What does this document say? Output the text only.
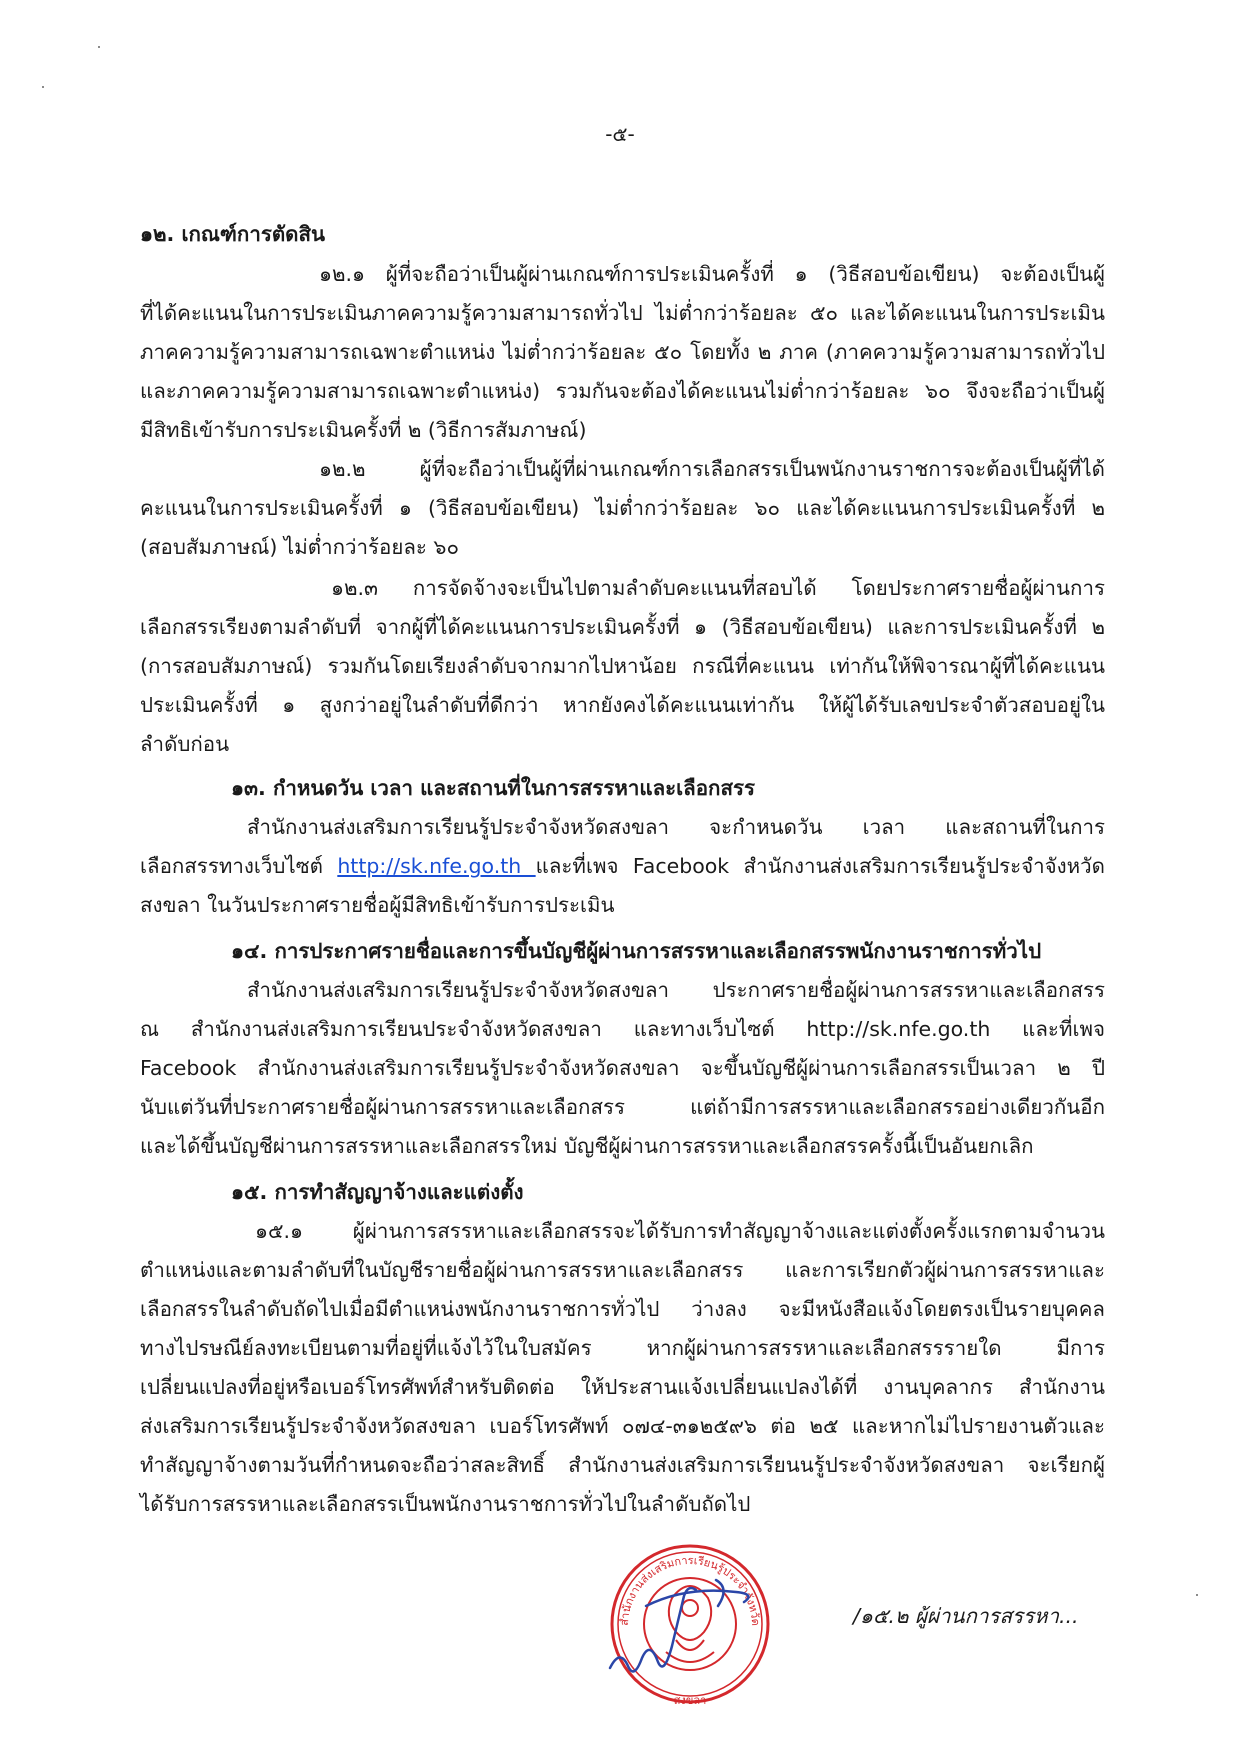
-๕-
๑๒. เกณฑ์การตัดสิน
๑๒.๑ ผู้ที่จะถือว่าเป็นผู้ผ่านเกณฑ์การประเมินครั้งที่ ๑ (วิธีสอบข้อเขียน) จะต้องเป็นผู้
ที่ได้คะแนนในการประเมินภาคความรู้ความสามารถทั่วไป ไม่ต่ำกว่าร้อยละ ๕๐ และได้คะแนนในการประเมิน
ภาคความรู้ความสามารถเฉพาะตำแหน่ง ไม่ต่ำกว่าร้อยละ ๕๐ โดยทั้ง ๒ ภาค (ภาคความรู้ความสามารถทั่วไป
และภาคความรู้ความสามารถเฉพาะตำแหน่ง) รวมกันจะต้องได้คะแนนไม่ต่ำกว่าร้อยละ ๖๐ จึงจะถือว่าเป็นผู้
มีสิทธิเข้ารับการประเมินครั้งที่ ๒ (วิธีการสัมภาษณ์)
๑๒.๒ ผู้ที่จะถือว่าเป็นผู้ที่ผ่านเกณฑ์การเลือกสรรเป็นพนักงานราชการจะต้องเป็นผู้ที่ได้
คะแนนในการประเมินครั้งที่ ๑ (วิธีสอบข้อเขียน) ไม่ต่ำกว่าร้อยละ ๖๐ และได้คะแนนการประเมินครั้งที่ ๒
(สอบสัมภาษณ์) ไม่ต่ำกว่าร้อยละ ๖๐
๑๒.๓ การจัดจ้างจะเป็นไปตามลำดับคะแนนที่สอบได้ โดยประกาศรายชื่อผู้ผ่านการ
เลือกสรรเรียงตามลำดับที่ จากผู้ที่ได้คะแนนการประเมินครั้งที่ ๑ (วิธีสอบข้อเขียน) และการประเมินครั้งที่ ๒
(การสอบสัมภาษณ์) รวมกันโดยเรียงลำดับจากมากไปหาน้อย กรณีที่คะแนน เท่ากันให้พิจารณาผู้ที่ได้คะแนน
ประเมินครั้งที่ ๑ สูงกว่าอยู่ในลำดับที่ดีกว่า หากยังคงได้คะแนนเท่ากัน ให้ผู้ได้รับเลขประจำตัวสอบอยู่ใน
ลำดับก่อน
๑๓. กำหนดวัน เวลา และสถานที่ในการสรรหาและเลือกสรร
สำนักงานส่งเสริมการเรียนรู้ประจำจังหวัดสงขลา จะกำหนดวัน เวลา และสถานที่ในการ
เลือกสรรทางเว็บไซต์ http://sk.nfe.go.th และที่เพจ Facebook สำนักงานส่งเสริมการเรียนรู้ประจำจังหวัด
สงขลา ในวันประกาศรายชื่อผู้มีสิทธิเข้ารับการประเมิน
๑๔. การประกาศรายชื่อและการขึ้นบัญชีผู้ผ่านการสรรหาและเลือกสรรพนักงานราชการทั่วไป
สำนักงานส่งเสริมการเรียนรู้ประจำจังหวัดสงขลา ประกาศรายชื่อผู้ผ่านการสรรหาและเลือกสรร
ณ สำนักงานส่งเสริมการเรียนประจำจังหวัดสงขลา และทางเว็บไซต์ http://sk.nfe.go.th และที่เพจ
Facebook สำนักงานส่งเสริมการเรียนรู้ประจำจังหวัดสงขลา จะขึ้นบัญชีผู้ผ่านการเลือกสรรเป็นเวลา ๒ ปี
นับแต่วันที่ประกาศรายชื่อผู้ผ่านการสรรหาและเลือกสรร แต่ถ้ามีการสรรหาและเลือกสรรอย่างเดียวกันอีก
และได้ขึ้นบัญชีผ่านการสรรหาและเลือกสรรใหม่ บัญชีผู้ผ่านการสรรหาและเลือกสรรครั้งนี้เป็นอันยกเลิก
๑๕. การทำสัญญาจ้างและแต่งตั้ง
๑๕.๑ ผู้ผ่านการสรรหาและเลือกสรรจะได้รับการทำสัญญาจ้างและแต่งตั้งครั้งแรกตามจำนวน
ตำแหน่งและตามลำดับที่ในบัญชีรายชื่อผู้ผ่านการสรรหาและเลือกสรร และการเรียกตัวผู้ผ่านการสรรหาและ
เลือกสรรในลำดับถัดไปเมื่อมีตำแหน่งพนักงานราชการทั่วไป ว่างลง จะมีหนังสือแจ้งโดยตรงเป็นรายบุคคล
ทางไปรษณีย์ลงทะเบียนตามที่อยู่ที่แจ้งไว้ในใบสมัคร หากผู้ผ่านการสรรหาและเลือกสรรรายใด มีการ
เปลี่ยนแปลงที่อยู่หรือเบอร์โทรศัพท์สำหรับติดต่อ ให้ประสานแจ้งเปลี่ยนแปลงได้ที่ งานบุคลากร สำนักงาน
ส่งเสริมการเรียนรู้ประจำจังหวัดสงขลา เบอร์โทรศัพท์ ๐๗๔-๓๑๒๕๙๖ ต่อ ๒๕ และหากไม่ไปรายงานตัวและ
ทำสัญญาจ้างตามวันที่กำหนดจะถือว่าสละสิทธิ์ สำนักงานส่งเสริมการเรียนนรู้ประจำจังหวัดสงขลา จะเรียกผู้
ได้รับการสรรหาและเลือกสรรเป็นพนักงานราชการทั่วไปในลำดับถัดไป
สำนักงานส่งเสริมการเรียนรู้ประจำจังหวัด
สงขลา
/๑๕.๒ ผู้ผ่านการสรรหา...
